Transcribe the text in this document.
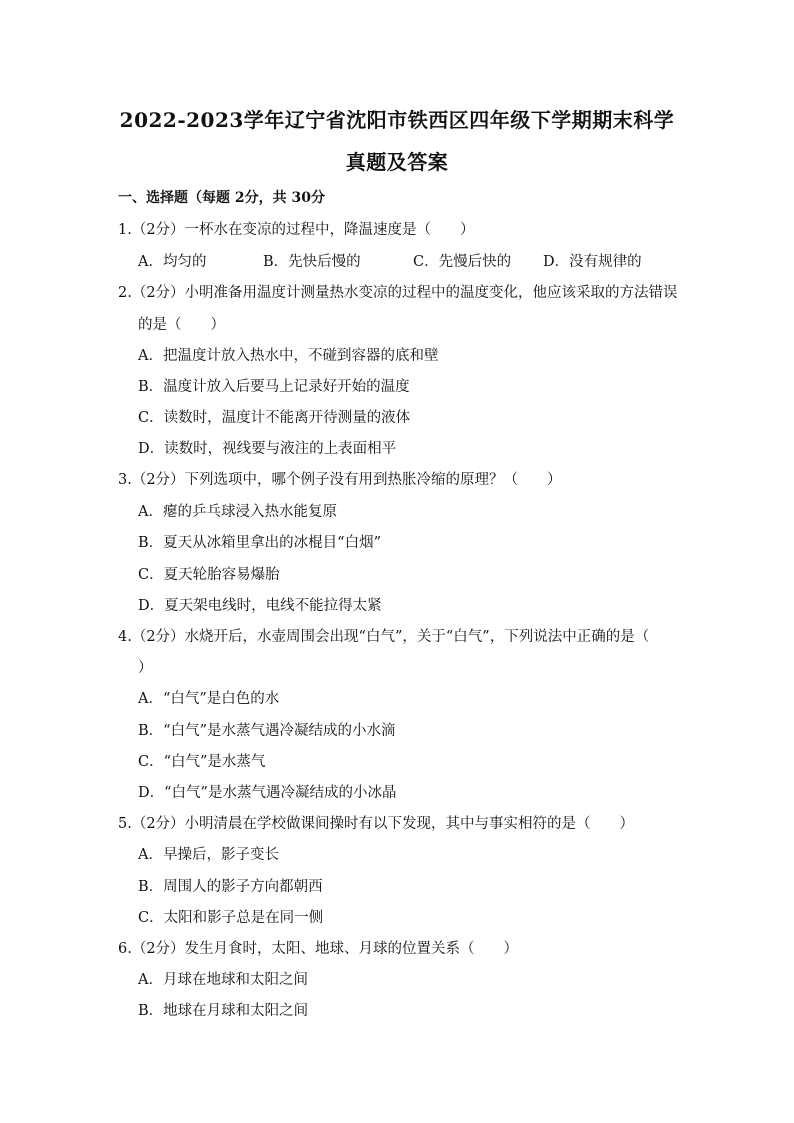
2022-2023学年辽宁省沈阳市铁西区四年级下学期期末科学
真题及答案
一、选择题（每题 2分，共 30分
1.（2分）一杯水在变凉的过程中，降温速度是（　　）
A．均匀的	B．先快后慢的	C．先慢后快的 D．没有规律的
2.（2分）小明准备用温度计测量热水变凉的过程中的温度变化，他应该采取的方法错误
的是（　　）
A．把温度计放入热水中，不碰到容器的底和壁
B．温度计放入后要马上记录好开始的温度
C．读数时，温度计不能离开待测量的液体
D．读数时，视线要与液注的上表面相平
3.（2分）下列选项中，哪个例子没有用到热胀冷缩的原理？（　　）
A．瘪的乒乓球浸入热水能复原
B．夏天从冰箱里拿出的冰棍目“白烟”
C．夏天轮胎容易爆胎
D．夏天架电线时，电线不能拉得太紧
4.（2分）水烧开后，水壶周围会出现“白气”，关于“白气”，下列说法中正确的是（
）
A．“白气”是白色的水
B．“白气”是水蒸气遇冷凝结成的小水滴
C．“白气”是水蒸气
D．“白气”是水蒸气遇冷凝结成的小冰晶
5.（2分）小明清晨在学校做课间操时有以下发现，其中与事实相符的是（　　）
A．早操后，影子变长
B．周围人的影子方向都朝西
C．太阳和影子总是在同一侧
6.（2分）发生月食时，太阳、地球、月球的位置关系（　　）
A．月球在地球和太阳之间
B．地球在月球和太阳之间
